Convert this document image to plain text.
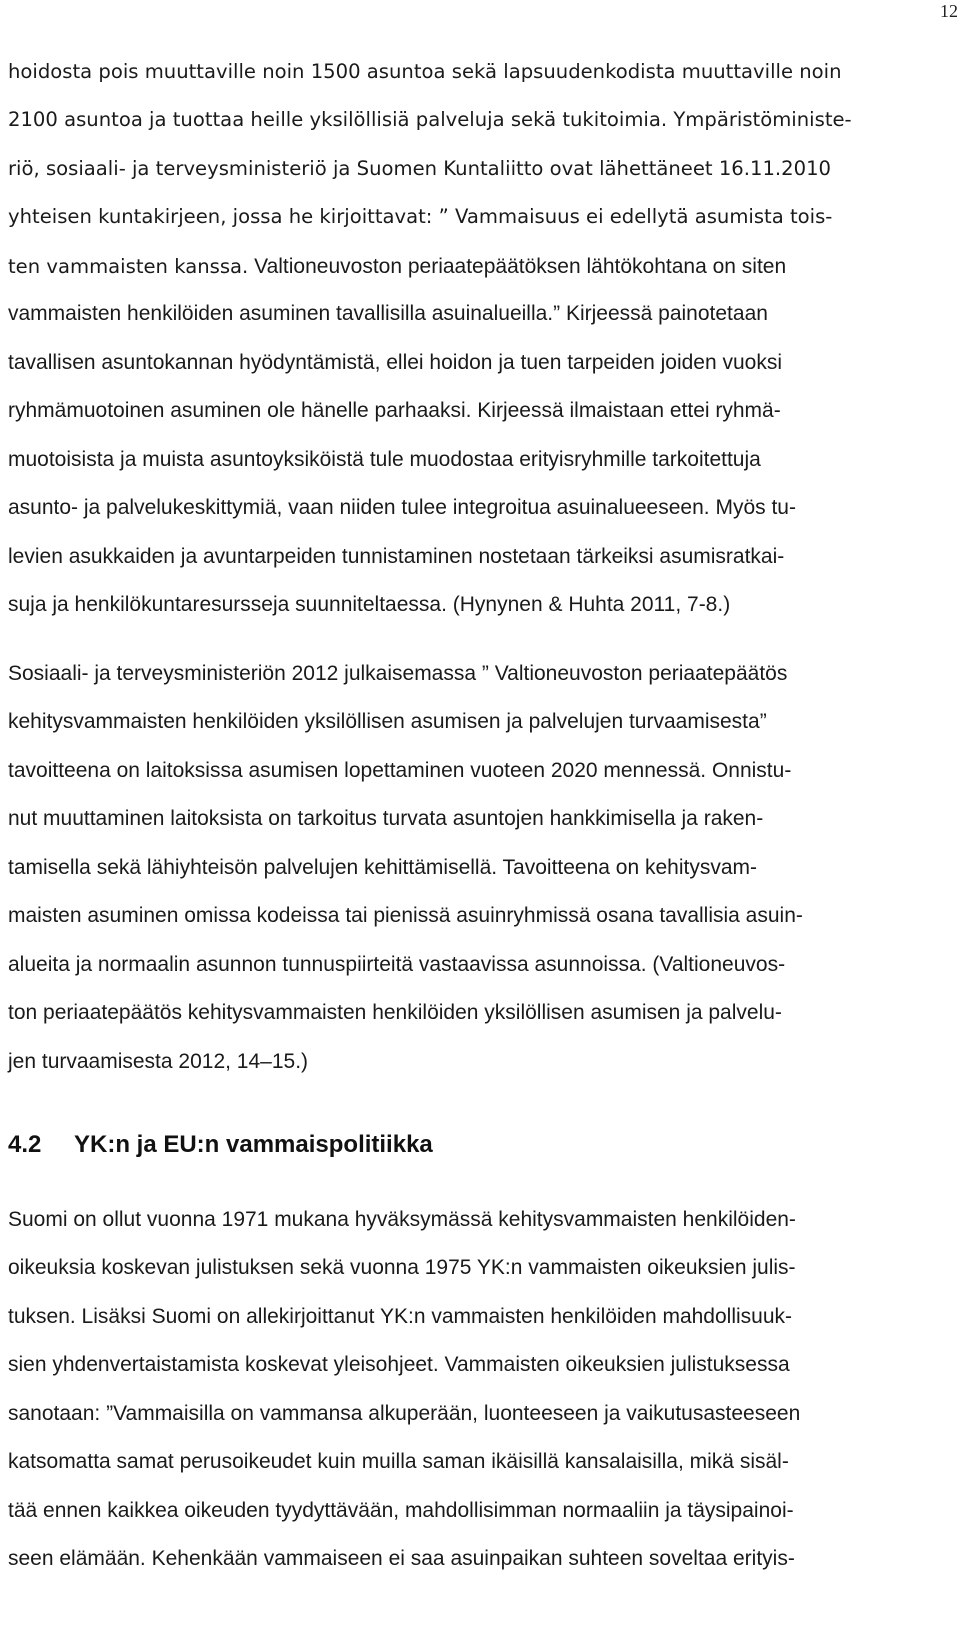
12
hoidosta pois muuttaville noin 1500 asuntoa sekä lapsuudenkodista muuttaville noin
2100 asuntoa ja tuottaa heille yksilöllisiä palveluja sekä tukitoimia. Ympäristöministe-
riö, sosiaali- ja terveysministeriö ja Suomen Kuntaliitto ovat lähettäneet 16.11.2010
yhteisen kuntakirjeen, jossa he kirjoittavat: ” Vammaisuus ei edellytä asumista tois-
ten vammaisten kanssa. Valtioneuvoston periaatepäätöksen lähtökohtana on siten
vammaisten henkilöiden asuminen tavallisilla asuinalueilla.” Kirjeessä painotetaan
tavallisen asuntokannan hyödyntämistä, ellei hoidon ja tuen tarpeiden joiden vuoksi
ryhmämuotoinen asuminen ole hänelle parhaaksi. Kirjeessä ilmaistaan ettei ryhmä-
muotoisista ja muista asuntoyksiköistä tule muodostaa erityisryhmille tarkoitettuja
asunto- ja palvelukeskittymiä, vaan niiden tulee integroitua asuinalueeseen. Myös tu-
levien asukkaiden ja avuntarpeiden tunnistaminen nostetaan tärkeiksi asumisratkai-
suja ja henkilökuntaresursseja suunniteltaessa. (Hynynen & Huhta 2011, 7-8.)
Sosiaali- ja terveysministeriön 2012 julkaisemassa ” Valtioneuvoston periaatepäätös
kehitysvammaisten henkilöiden yksilöllisen asumisen ja palvelujen turvaamisesta”
tavoitteena on laitoksissa asumisen lopettaminen vuoteen 2020 mennessä. Onnistu-
nut muuttaminen laitoksista on tarkoitus turvata asuntojen hankkimisella ja raken-
tamisella sekä lähiyhteisön palvelujen kehittämisellä. Tavoitteena on kehitysvam-
maisten asuminen omissa kodeissa tai pienissä asuinryhmissä osana tavallisia asuin-
alueita ja normaalin asunnon tunnuspiirteitä vastaavissa asunnoissa. (Valtioneuvos-
ton periaatepäätös kehitysvammaisten henkilöiden yksilöllisen asumisen ja palvelu-
jen turvaamisesta 2012, 14–15.)
4.2 YK:n ja EU:n vammaispolitiikka
Suomi on ollut vuonna 1971 mukana hyväksymässä kehitysvammaisten henkilöiden-
oikeuksia koskevan julistuksen sekä vuonna 1975 YK:n vammaisten oikeuksien julis-
tuksen. Lisäksi Suomi on allekirjoittanut YK:n vammaisten henkilöiden mahdollisuuk-
sien yhdenvertaistamista koskevat yleisohjeet. Vammaisten oikeuksien julistuksessa
sanotaan: ”Vammaisilla on vammansa alkuperään, luonteeseen ja vaikutusasteeseen
katsomatta samat perusoikeudet kuin muilla saman ikäisillä kansalaisilla, mikä sisäl-
tää ennen kaikkea oikeuden tyydyttävään, mahdollisimman normaaliin ja täysipainoi-
seen elämään. Kehenkään vammaiseen ei saa asuinpaikan suhteen soveltaa erityis-
